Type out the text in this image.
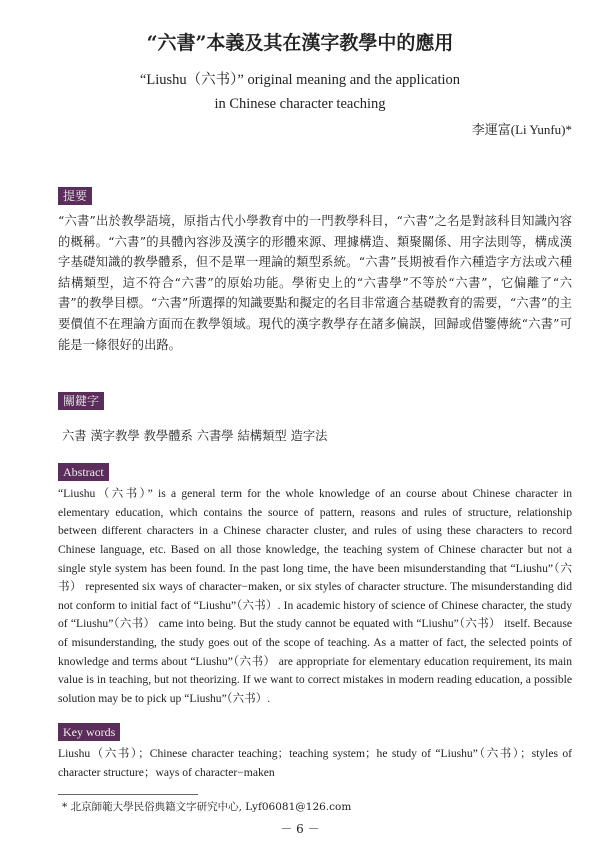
“六書”本義及其在漢字教學中的應用
“Liushu（六书）” original meaning and the application
in Chinese character teaching
李運富(Li Yunfu)*
提要
“六書”出於教學語境，原指古代小學教育中的一門教學科目，“六書”之名是對該科目知識內容的概稱。“六書”的具體內容涉及漢字的形體來源、理據構造、類聚關係、用字法則等，構成漢字基礎知識的教學體系，但不是單一理論的類型系統。“六書”長期被看作六種造字方法或六種結構類型，這不符合“六書”的原始功能。學術史上的“六書學”不等於“六書”，它偏離了“六書”的教學目標。“六書”所選擇的知識要點和擬定的名目非常適合基礎教育的需要，“六書”的主要價值不在理論方面而在教學領域。現代的漢字教學存在諸多偏誤，回歸或借鑒傳統“六書”可能是一條很好的出路。
關鍵字
六書 漢字教學 教學體系 六書學 結構類型 造字法
Abstract
“Liushu（六书）” is a general term for the whole knowledge of an course about Chinese character in elementary education, which contains the source of pattern, reasons and rules of structure, relationship between different characters in a Chinese character cluster, and rules of using these characters to record Chinese language, etc. Based on all those knowledge, the teaching system of Chinese character but not a single style system has been found. In the past long time, the have been misunderstanding that “Liushu”（六书） represented six ways of character−maken, or six styles of character structure. The misunderstanding did not conform to initial fact of “Liushu”（六书）. In academic history of science of Chinese character, the study of “Liushu”（六书） came into being. But the study cannot be equated with “Liushu”（六书） itself. Because of misunderstanding, the study goes out of the scope of teaching. As a matter of fact, the selected points of knowledge and terms about “Liushu”（六书） are appropriate for elementary education requirement, its main value is in teaching, but not theorizing. If we want to correct mistakes in modern reading education, a possible solution may be to pick up “Liushu”（六书）.
Key words
Liushu（六书）；Chinese character teaching；teaching system；he study of “Liushu”（六书）；styles of character structure；ways of character−maken
* 北京師範大學民俗典籍文字研究中心, Lyf06081@126.com
－ 6 －
